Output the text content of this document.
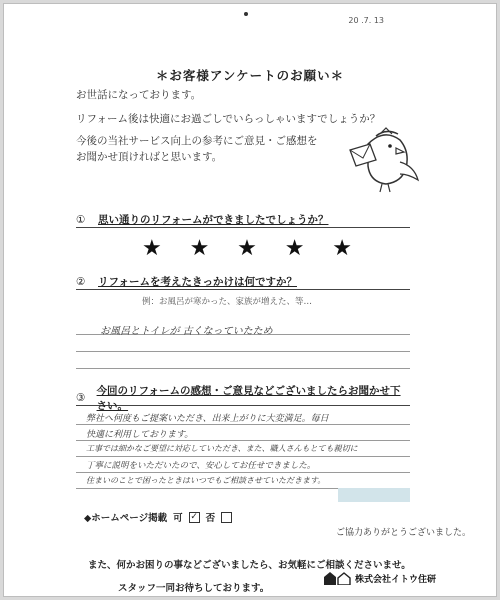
20 .7. 13
＊お客様アンケートのお願い＊
お世話になっております。
リフォーム後は快適にお過ごしでいらっしゃいますでしょうか？
今後の当社サービス向上の参考にご意見・ご感想を
お聞かせ頂ければと思います。
①	思い通りのリフォームができましたでしょうか？
★ ★ ★ ★ ★
②	リフォームを考えたきっかけは何ですか？
例：お風呂が寒かった、家族が増えた、等…
お風呂とトイレが 古くなっていたため
③
今回のリフォームの感想・ご意見などございましたらお聞かせ下さい。
弊社へ何度もご提案いただき、出来上がりに大変満足。毎日
快適に利用しております。
工事では細かなご要望に対応していただき、また、職人さんもとても親切に
丁寧に説明をいただいたので、安心してお任せできました。
住まいのことで困ったときはいつでもご相談させていただきます。
◆ホームページ掲載 可 ✓ 否
ご協力ありがとうございました。
また、何かお困りの事などございましたら、お気軽にご相談くださいませ。
スタッフ一同お待ちしております。
株式会社イトウ住研
